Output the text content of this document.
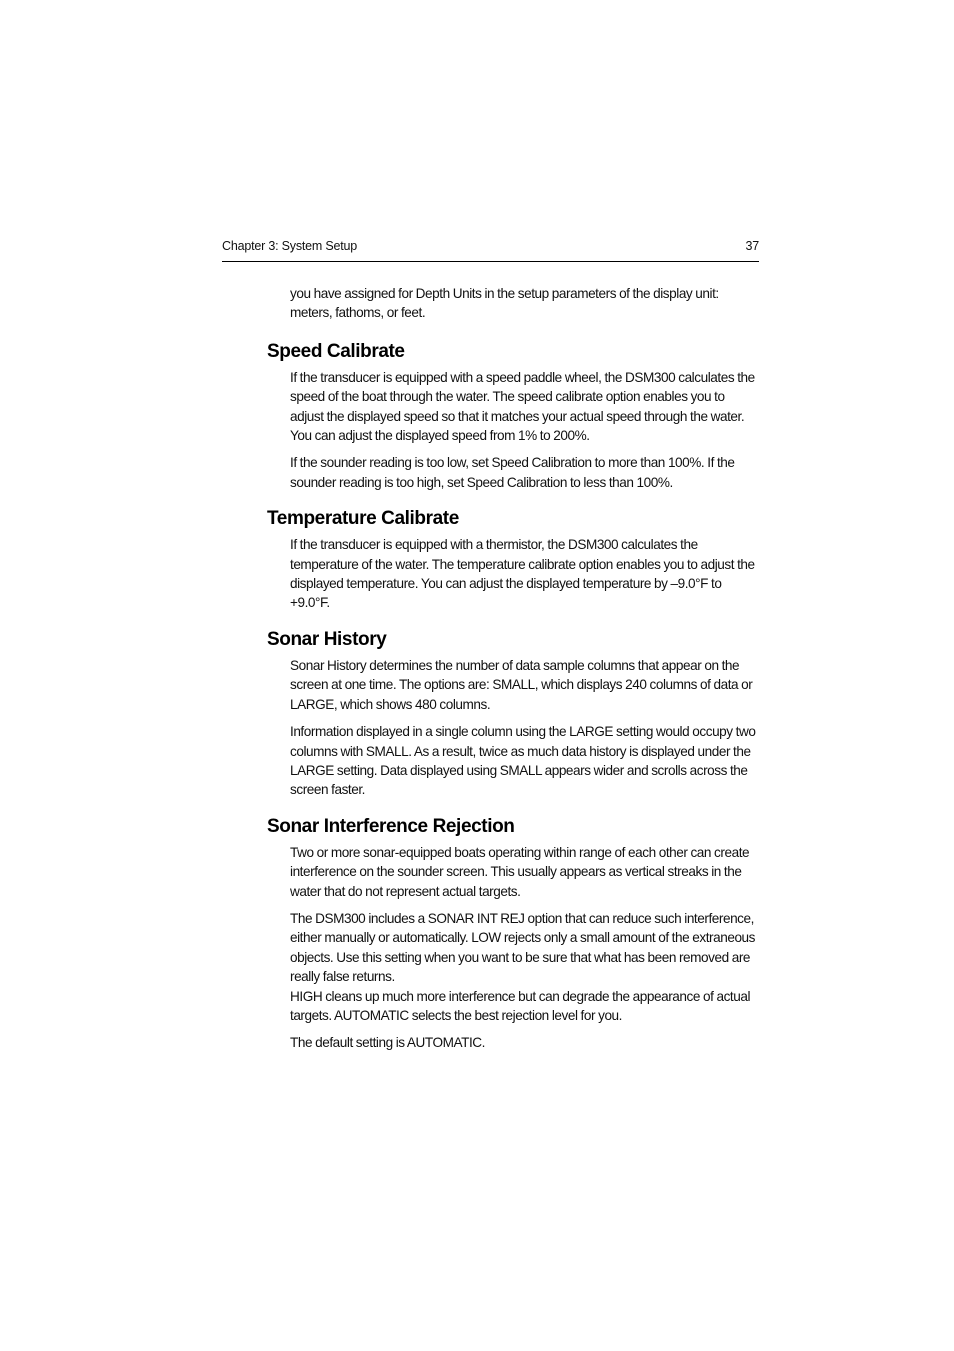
Chapter 3: System Setup	37

you have assigned for Depth Units in the setup parameters of the display unit: meters, fathoms, or feet.

Speed Calibrate

If the transducer is equipped with a speed paddle wheel, the DSM300 calculates the speed of the boat through the water. The speed calibrate option enables you to adjust the displayed speed so that it matches your actual speed through the water. You can adjust the displayed speed from 1% to 200%.

If the sounder reading is too low, set Speed Calibration to more than 100%. If the sounder reading is too high, set Speed Calibration to less than 100%.

Temperature Calibrate

If the transducer is equipped with a thermistor, the DSM300 calculates the temperature of the water. The temperature calibrate option enables you to adjust the displayed temperature. You can adjust the displayed temperature by –9.0°F to +9.0°F.

Sonar History

Sonar History determines the number of data sample columns that appear on the screen at one time. The options are: SMALL, which displays 240 columns of data or LARGE, which shows 480 columns.

Information displayed in a single column using the LARGE setting would occupy two columns with SMALL. As a result, twice as much data history is displayed under the LARGE setting. Data displayed using SMALL appears wider and scrolls across the screen faster.

Sonar Interference Rejection

Two or more sonar-equipped boats operating within range of each other can create interference on the sounder screen. This usually appears as vertical streaks in the water that do not represent actual targets.

The DSM300 includes a SONAR INT REJ option that can reduce such interference, either manually or automatically. LOW rejects only a small amount of the extraneous objects. Use this setting when you want to be sure that what has been removed are really false returns.
HIGH cleans up much more interference but can degrade the appearance of actual targets. AUTOMATIC selects the best rejection level for you.

The default setting is AUTOMATIC.
